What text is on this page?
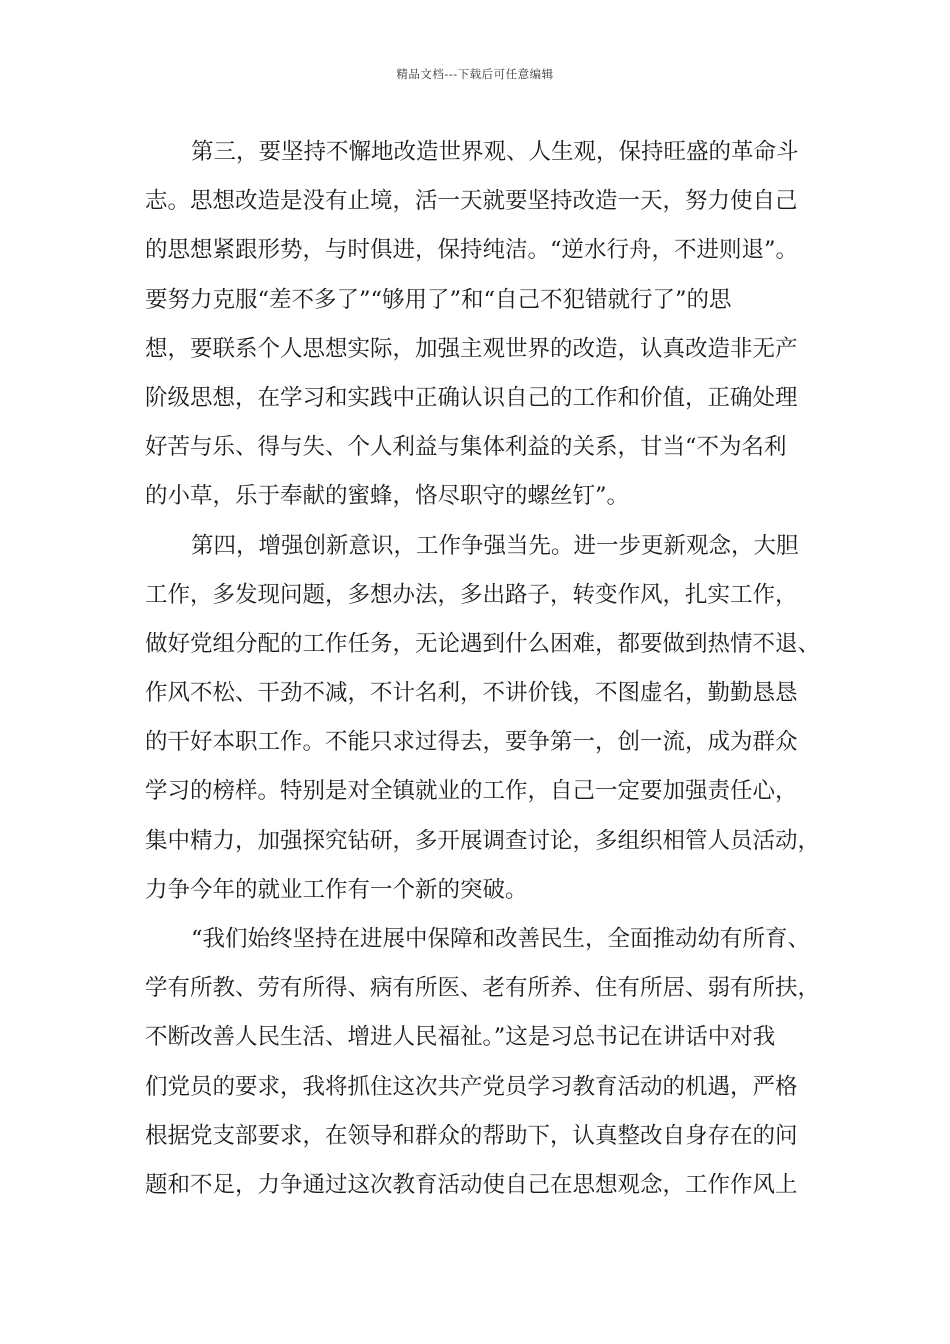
精品文档---下载后可任意编辑
第三，要坚持不懈地改造世界观、人生观，保持旺盛的革命斗
志。思想改造是没有止境，活一天就要坚持改造一天，努力使自己
的思想紧跟形势，与时俱进，保持纯洁。“逆水行舟，不进则退”。
要努力克服“差不多了”“够用了”和“自己不犯错就行了”的思
想，要联系个人思想实际，加强主观世界的改造，认真改造非无产
阶级思想，在学习和实践中正确认识自己的工作和价值，正确处理
好苦与乐、得与失、个人利益与集体利益的关系，甘当“不为名利
的小草，乐于奉献的蜜蜂，恪尽职守的螺丝钉”。
第四，增强创新意识，工作争强当先。进一步更新观念，大胆
工作，多发现问题，多想办法，多出路子，转变作风，扎实工作，
做好党组分配的工作任务，无论遇到什么困难，都要做到热情不退、
作风不松、干劲不减，不计名利，不讲价钱，不图虚名，勤勤恳恳
的干好本职工作。不能只求过得去，要争第一，创一流，成为群众
学习的榜样。特别是对全镇就业的工作，自己一定要加强责任心，
集中精力，加强探究钻研，多开展调查讨论，多组织相管人员活动，
力争今年的就业工作有一个新的突破。
“我们始终坚持在进展中保障和改善民生，全面推动幼有所育、
学有所教、劳有所得、病有所医、老有所养、住有所居、弱有所扶，
不断改善人民生活、增进人民福祉。”这是习总书记在讲话中对我
们党员的要求，我将抓住这次共产党员学习教育活动的机遇，严格
根据党支部要求，在领导和群众的帮助下，认真整改自身存在的问
题和不足，力争通过这次教育活动使自己在思想观念，工作作风上
